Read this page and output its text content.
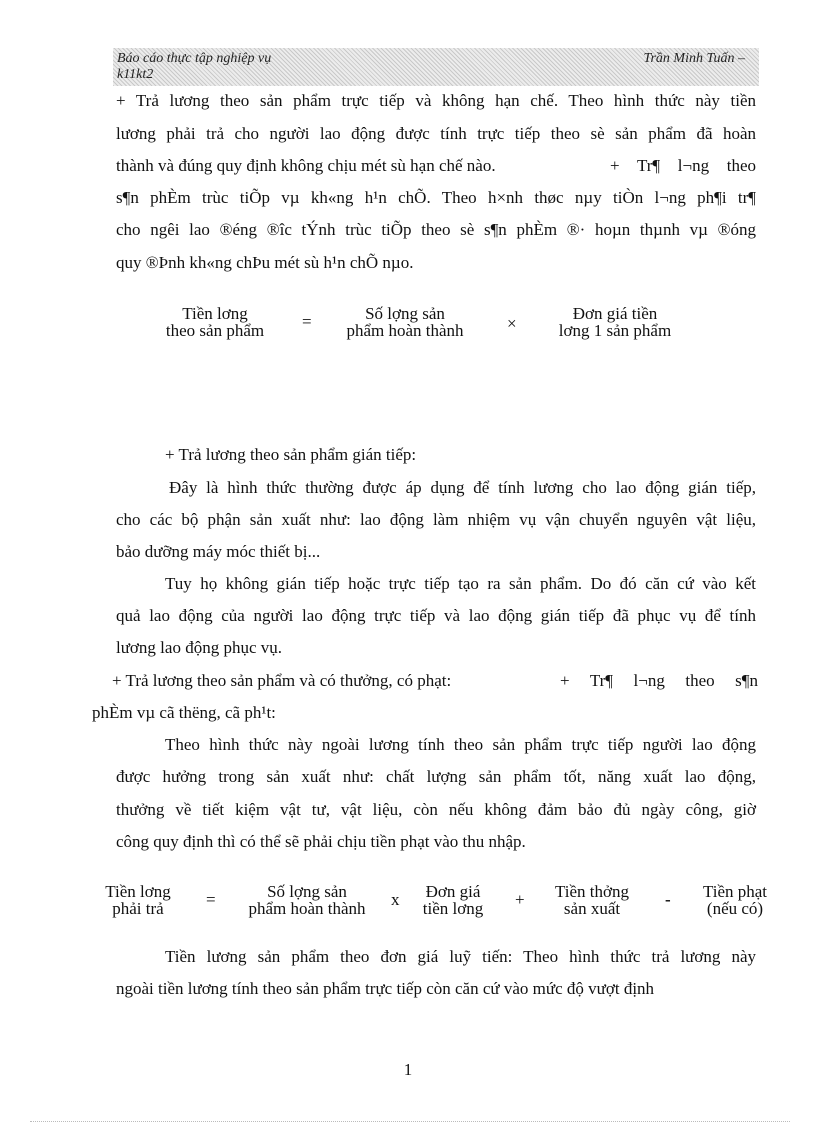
Báo cáo thực tập nghiệp vụ	Trần Minh Tuấn –
k11kt2
+ Trả lương theo sản phẩm trực tiếp và không hạn chế. Theo hình thức này tiền
lương phải trả cho người lao động được tính trực tiếp theo sè sản phẩm đã hoàn
thành và đúng quy định không chịu mét sù hạn chế nào.	+ Tr¶ l¬ng theo
s¶n phÈm trùc tiÕp vµ kh«ng h¹n chÕ. Theo h×nh thøc nµy tiÒn l¬ng ph¶i tr¶
cho ngêi lao ®éng ®îc tÝnh trùc tiÕp theo sè s¶n phÈm ®· hoµn thµnh vµ ®óng
quy ®Þnh kh«ng chÞu mét sù h¹n chÕ nµo.
Tiền lơng
theo sản phẩm	=	Số lợng sản
phẩm hoàn thành	×
Đơn giá tiền
lơng 1 sản phẩm
+ Trả lương theo sản phẩm gián tiếp:
Đây là hình thức thường được áp dụng để tính lương cho lao động gián tiếp,
cho các bộ phận sản xuất như: lao động làm nhiệm vụ vận chuyển nguyên vật liệu,
bảo dưỡng máy móc thiết bị...
Tuy họ không gián tiếp hoặc trực tiếp tạo ra sản phẩm. Do đó căn cứ vào kết
quả lao động của người lao động trực tiếp và lao động gián tiếp đã phục vụ để tính
lương lao động phục vụ.
+ Trả lương theo sản phẩm và có thưởng, có phạt:	+ Tr¶ l¬ng theo s¶n
phÈm vµ cã thëng, cã ph¹t:
Theo hình thức này ngoài lương tính theo sản phẩm trực tiếp người lao động
được hưởng trong sản xuất như: chất lượng sản phẩm tốt, năng xuất lao động,
thưởng về tiết kiệm vật tư, vật liệu, còn nếu không đảm bảo đủ ngày công, giờ
công quy định thì có thể sẽ phải chịu tiền phạt vào thu nhập.
Tiền lơng
phải trả	=	Số lợng sản
phẩm hoàn thành	x	Đơn giá
tiền lơng	+	Tiền thởng
sản xuất	-	Tiền phạt
(nếu có)
Tiền lương sản phẩm theo đơn giá luỹ tiến: Theo hình thức trả lương này
ngoài tiền lương tính theo sản phẩm trực tiếp còn căn cứ vào mức độ vượt định
1
